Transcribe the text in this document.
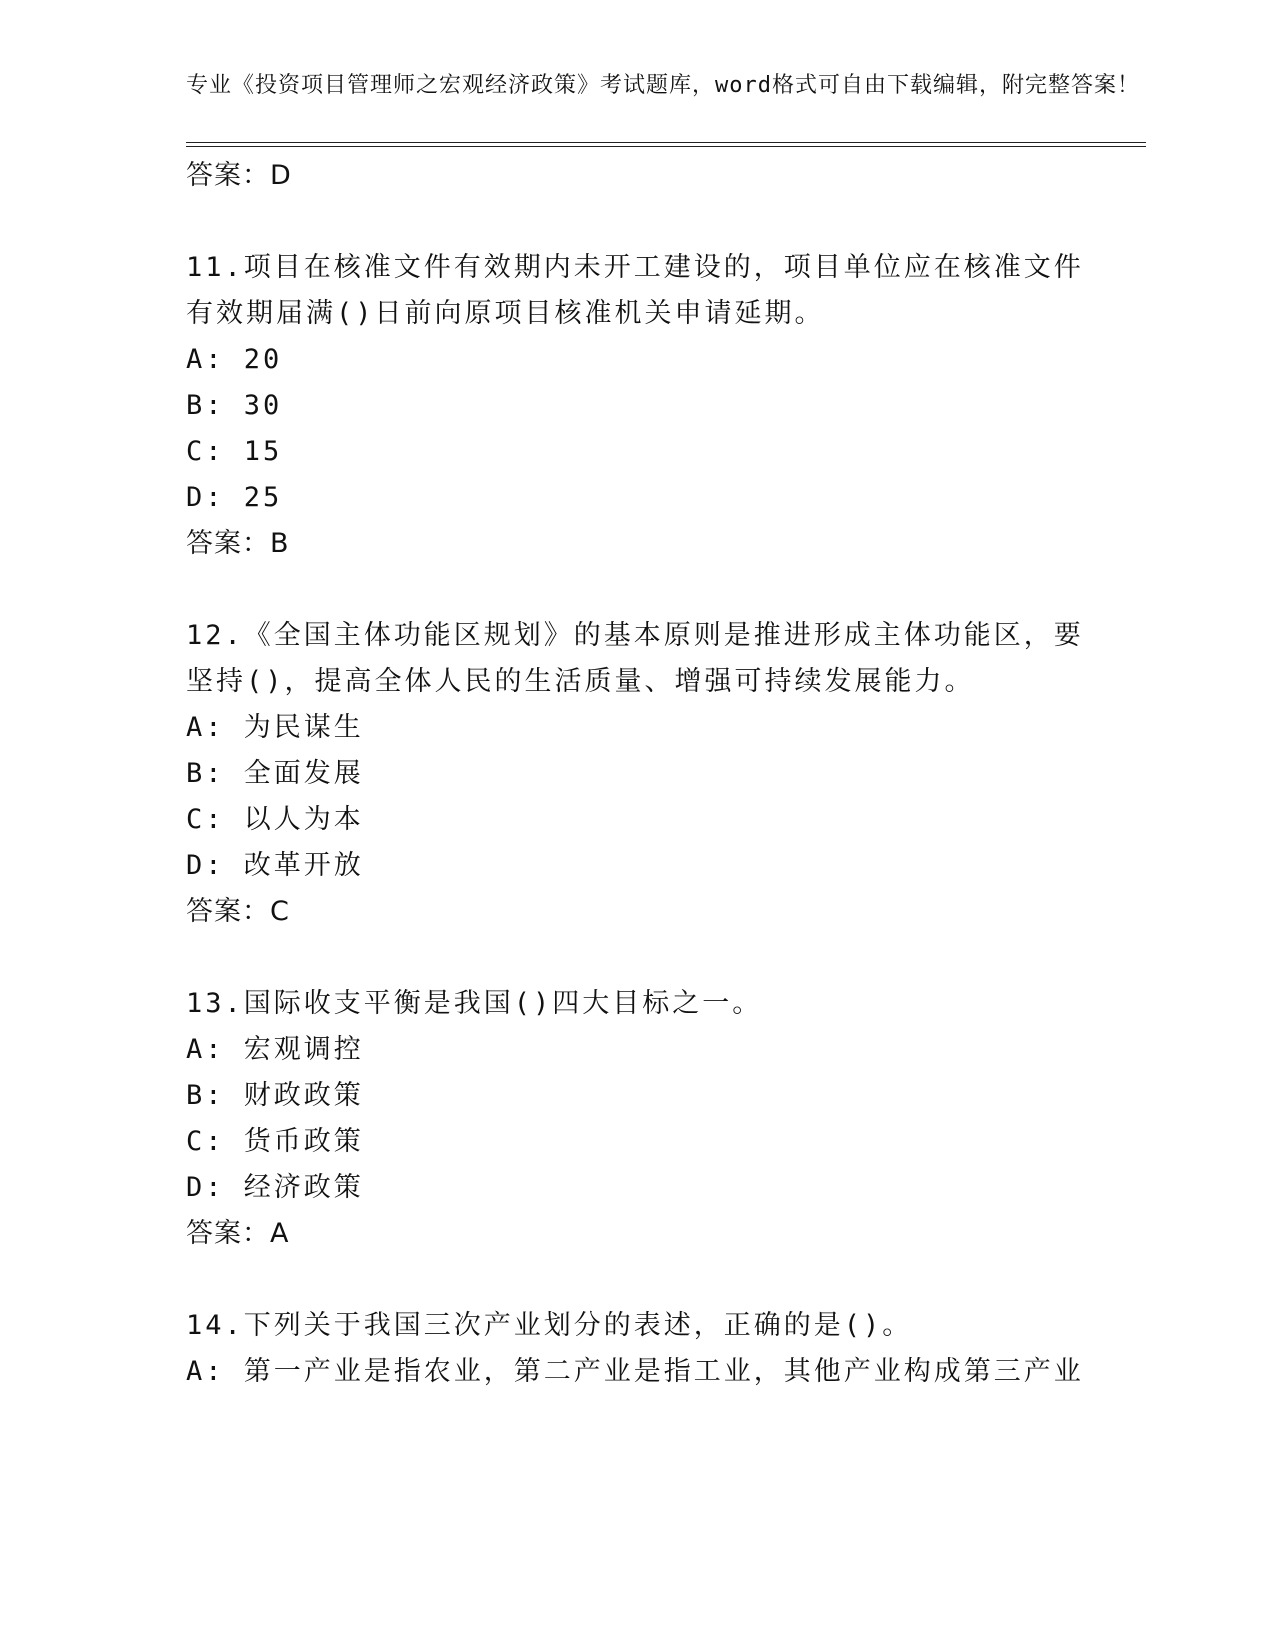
专业《投资项目管理师之宏观经济政策》考试题库，word格式可自由下载编辑，附完整答案！
答案：D
11.项目在核准文件有效期内未开工建设的，项目单位应在核准文件有效期届满()日前向原项目核准机关申请延期。
A: 20
B: 30
C: 15
D: 25
答案：B
12.《全国主体功能区规划》的基本原则是推进形成主体功能区，要坚持()，提高全体人民的生活质量、增强可持续发展能力。
A: 为民谋生
B: 全面发展
C: 以人为本
D: 改革开放
答案：C
13.国际收支平衡是我国()四大目标之一。
A: 宏观调控
B: 财政政策
C: 货币政策
D: 经济政策
答案：A
14.下列关于我国三次产业划分的表述，正确的是()。
A: 第一产业是指农业，第二产业是指工业，其他产业构成第三产业
